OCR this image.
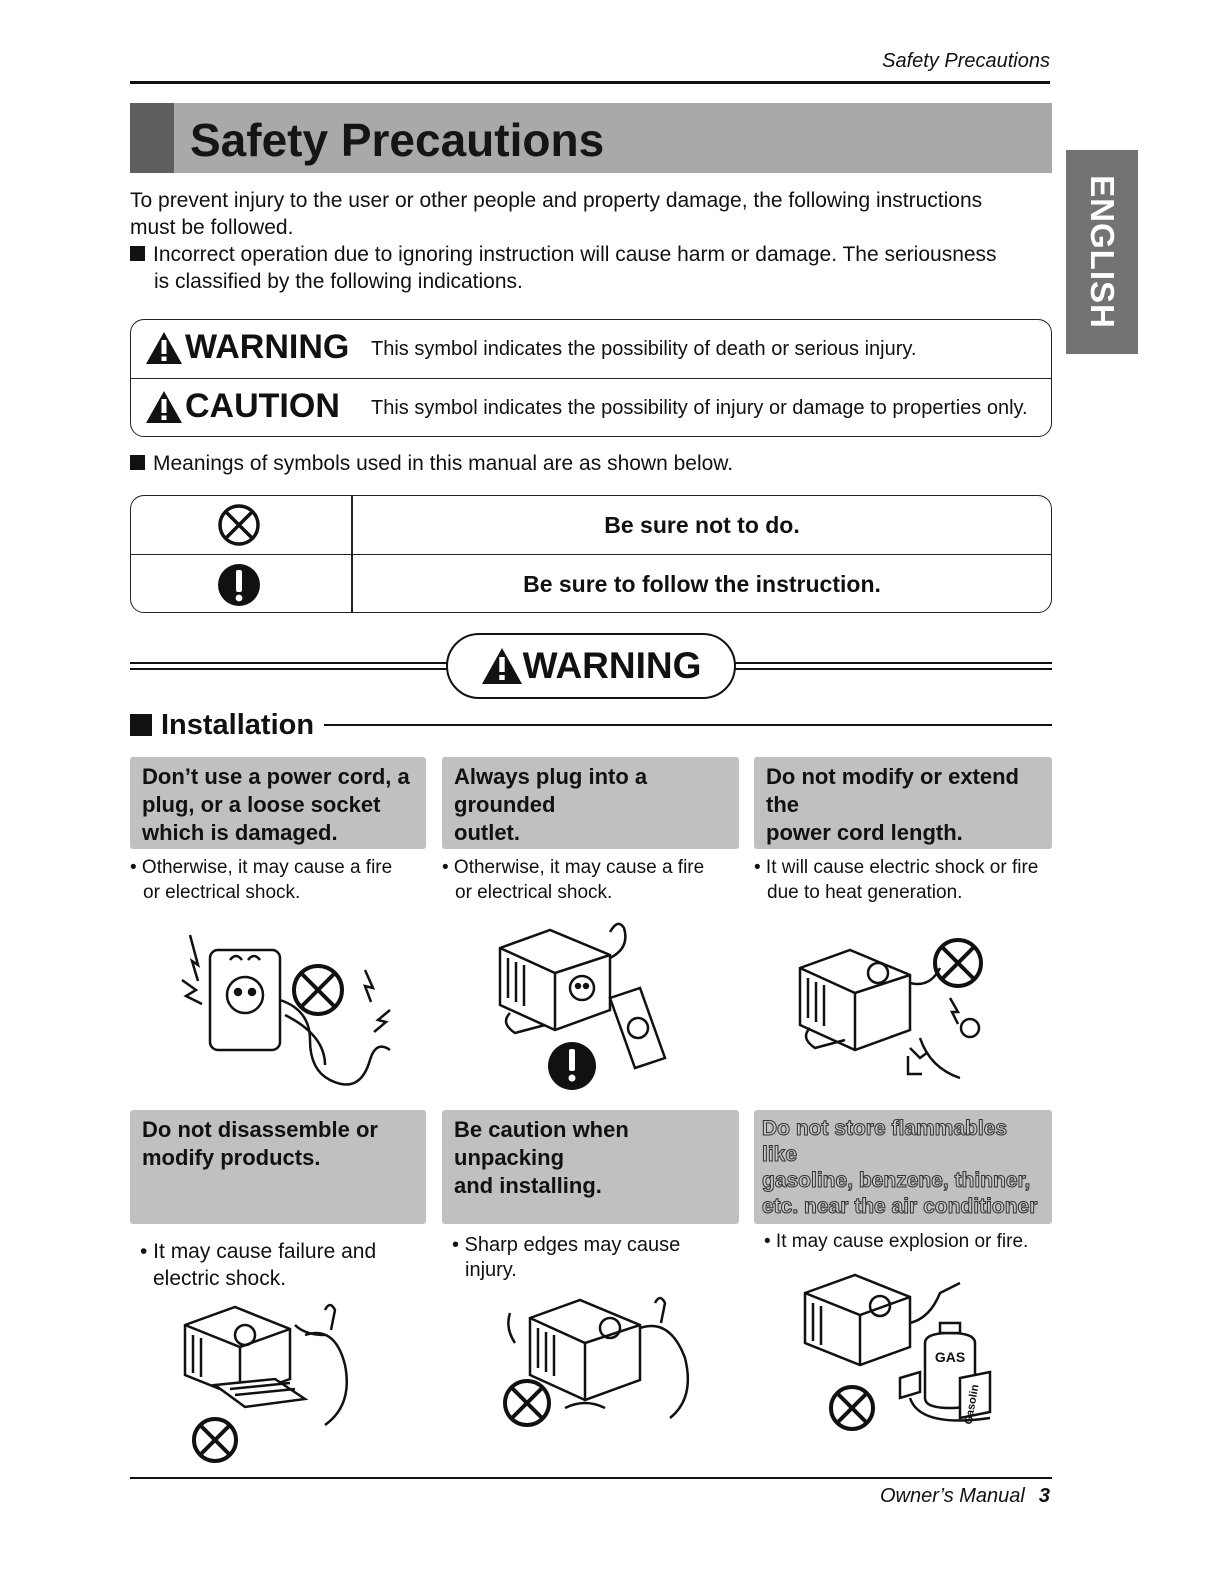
Safety Precautions
Safety Precautions
ENGLISH
To prevent injury to the user or other people and property damage, the following instructions
must be followed.
Incorrect operation due to ignoring instruction will cause harm or damage. The seriousness
is classified by the following indications.
WARNING This symbol indicates the possibility of death or serious injury.
CAUTION This symbol indicates the possibility of injury or damage to properties only.
Meanings of symbols used in this manual are as shown below.
Be sure not to do.
Be sure to follow the instruction.
WARNING
Installation
Don’t use a power cord, a
plug, or a loose socket
which is damaged.
Always plug into a grounded
outlet.
Do not modify or extend the
power cord length.
• Otherwise, it may cause a fire
or electrical shock.
• Otherwise, it may cause a fire
or electrical shock.
• It will cause electric shock or fire
due to heat generation.
Do not disassemble or
modify products.
Be caution when unpacking
and installing.
Do not store flammables like
gasoline, benzene, thinner,
etc. near the air conditioner
• It may cause failure and
electric shock.
• Sharp edges may cause
injury.
• It may cause explosion or fire.
GAS
Gasolin
Owner’s Manual 3
